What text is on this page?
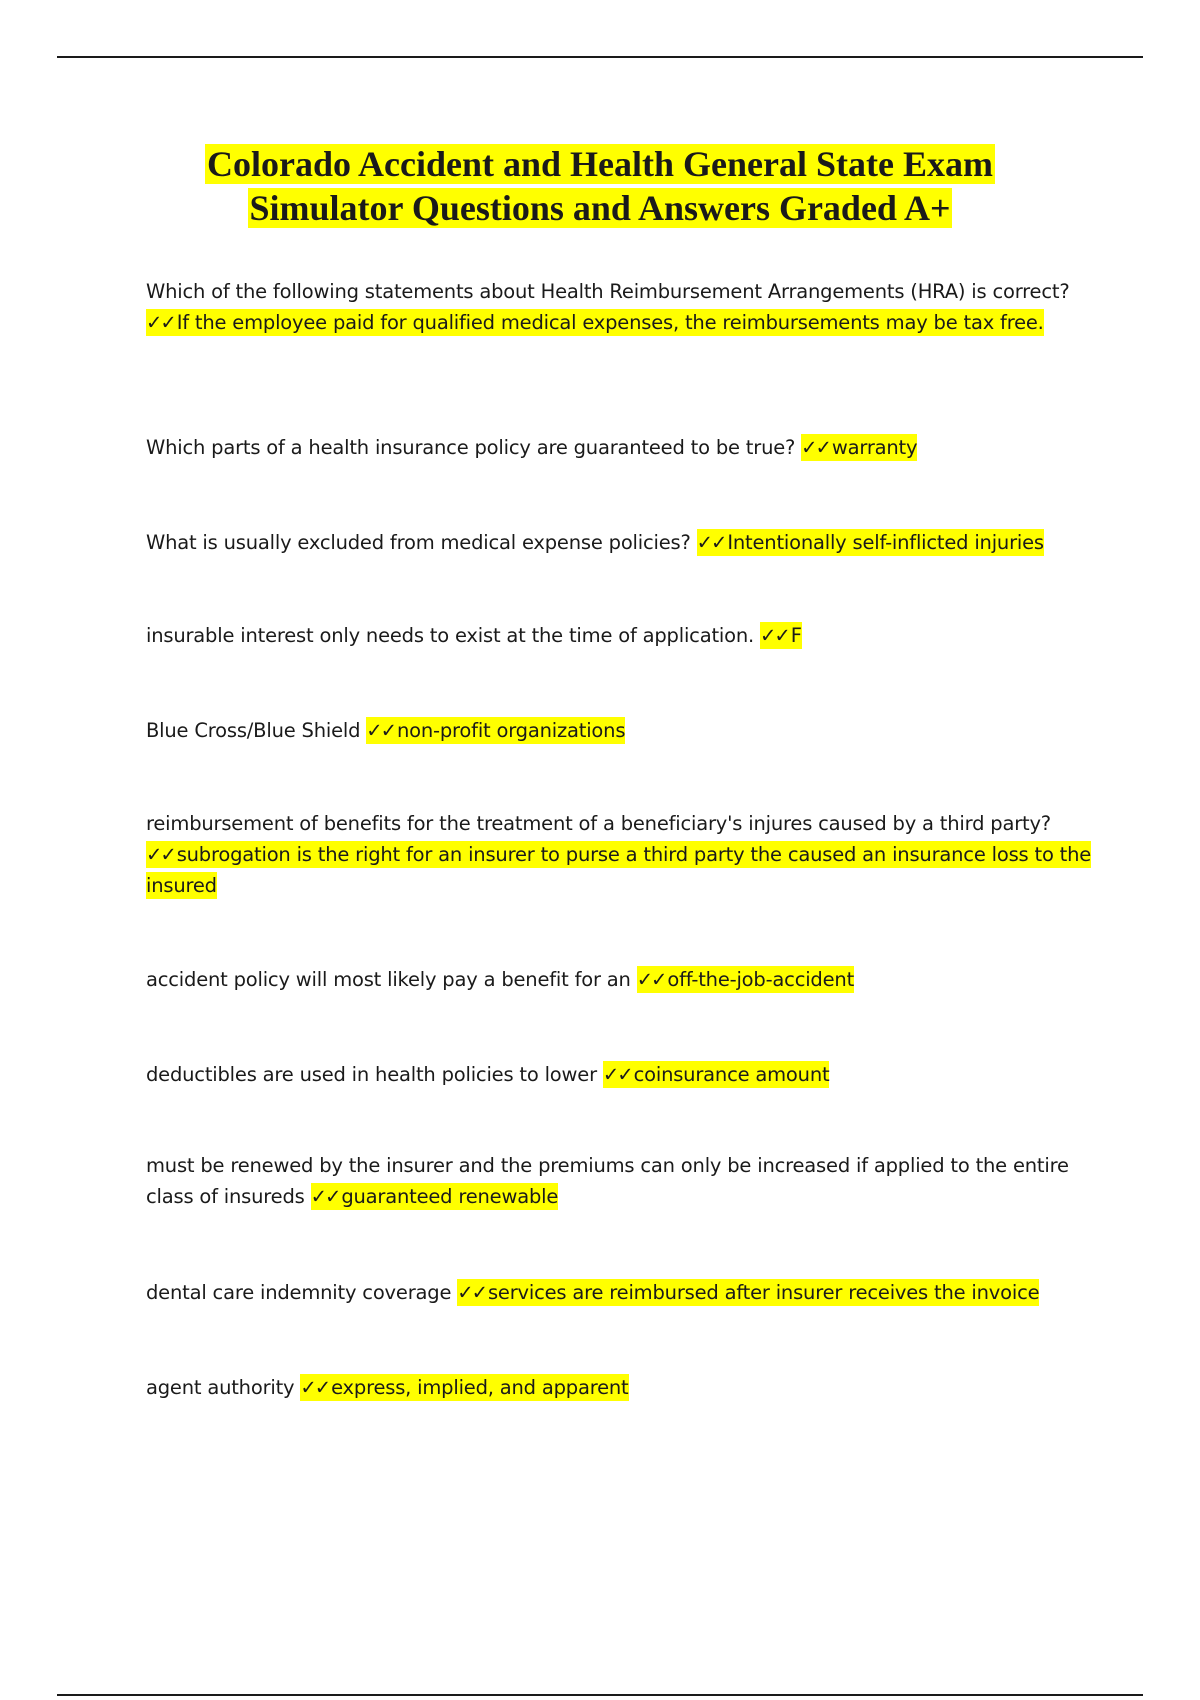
Colorado Accident and Health General State Exam
Simulator Questions and Answers Graded A+

Which of the following statements about Health Reimbursement Arrangements (HRA) is correct? ✓✓ If the employee paid for qualified medical expenses, the reimbursements may be tax free.

Which parts of a health insurance policy are guaranteed to be true? ✓✓ warranty

What is usually excluded from medical expense policies? ✓✓ Intentionally self-inflicted injuries

insurable interest only needs to exist at the time of application. ✓✓ F

Blue Cross/Blue Shield ✓✓ non-profit organizations

reimbursement of benefits for the treatment of a beneficiary's injures caused by a third party? ✓✓ subrogation is the right for an insurer to purse a third party the caused an insurance loss to the insured

accident policy will most likely pay a benefit for an ✓✓ off-the-job-accident

deductibles are used in health policies to lower ✓✓ coinsurance amount

must be renewed by the insurer and the premiums can only be increased if applied to the entire class of insureds ✓✓ guaranteed renewable

dental care indemnity coverage ✓✓ services are reimbursed after insurer receives the invoice

agent authority ✓✓ express, implied, and apparent
